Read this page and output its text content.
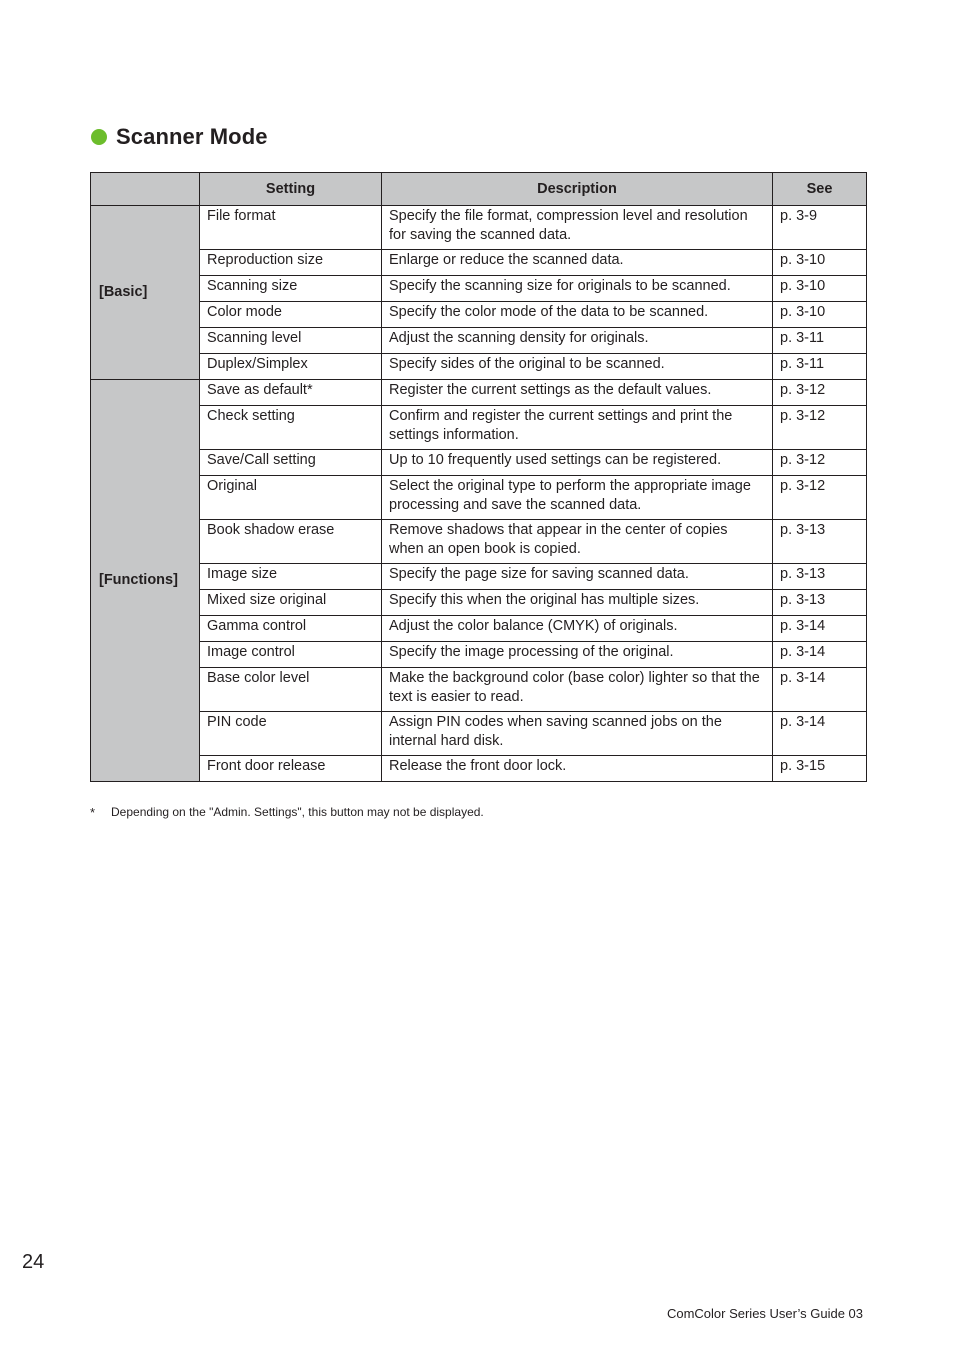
Scanner Mode
	Setting	Description	See
[Basic]	File format	Specify the file format, compression level and resolution for saving the scanned data.	p. 3-9
	Reproduction size	Enlarge or reduce the scanned data.	p. 3-10
	Scanning size	Specify the scanning size for originals to be scanned.	p. 3-10
	Color mode	Specify the color mode of the data to be scanned.	p. 3-10
	Scanning level	Adjust the scanning density for originals.	p. 3-11
	Duplex/Simplex	Specify sides of the original to be scanned.	p. 3-11
[Functions]	Save as default*	Register the current settings as the default values.	p. 3-12
	Check setting	Confirm and register the current settings and print the settings information.	p. 3-12
	Save/Call setting	Up to 10 frequently used settings can be registered.	p. 3-12
	Original	Select the original type to perform the appropriate image processing and save the scanned data.	p. 3-12
	Book shadow erase	Remove shadows that appear in the center of copies when an open book is copied.	p. 3-13
	Image size	Specify the page size for saving scanned data.	p. 3-13
	Mixed size original	Specify this when the original has multiple sizes.	p. 3-13
	Gamma control	Adjust the color balance (CMYK) of originals.	p. 3-14
	Image control	Specify the image processing of the original.	p. 3-14
	Base color level	Make the background color (base color) lighter so that the text is easier to read.	p. 3-14
	PIN code	Assign PIN codes when saving scanned jobs on the internal hard disk.	p. 3-14
	Front door release	Release the front door lock.	p. 3-15
*	Depending on the "Admin. Settings", this button may not be displayed.
24
ComColor Series User’s Guide 03
